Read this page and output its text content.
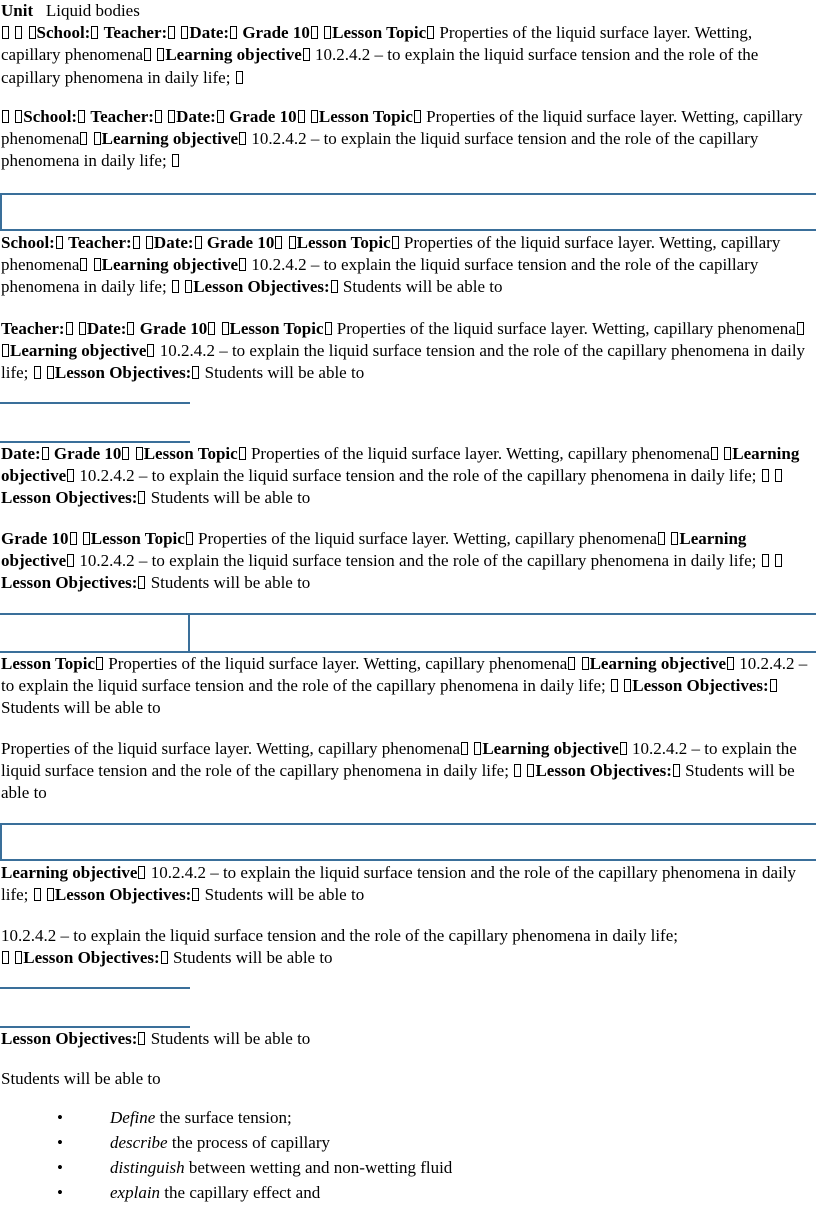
Unit Liquid bodies
School: Teacher: Date: Grade 10 Lesson Topic Properties of the liquid surface layer. Wetting, capillary phenomena Learning objective 10.2.4.2 – to explain the liquid surface tension and the role of the capillary phenomena in daily life;
School: Teacher: Date: Grade 10 Lesson Topic Properties of the liquid surface layer. Wetting, capillary phenomena Learning objective 10.2.4.2 – to explain the liquid surface tension and the role of the capillary phenomena in daily life;
School: Teacher: Date: Grade 10 Lesson Topic Properties of the liquid surface layer. Wetting, capillary phenomena Learning objective 10.2.4.2 – to explain the liquid surface tension and the role of the capillary phenomena in daily life; Lesson Objectives: Students will be able to
Teacher: Date: Grade 10 Lesson Topic Properties of the liquid surface layer. Wetting, capillary phenomena Learning objective 10.2.4.2 – to explain the liquid surface tension and the role of the capillary phenomena in daily life; Lesson Objectives: Students will be able to
Date: Grade 10 Lesson Topic Properties of the liquid surface layer. Wetting, capillary phenomena Learning objective 10.2.4.2 – to explain the liquid surface tension and the role of the capillary phenomena in daily life;  Lesson Objectives: Students will be able to
Grade 10 Lesson Topic Properties of the liquid surface layer. Wetting, capillary phenomena Learning objective 10.2.4.2 – to explain the liquid surface tension and the role of the capillary phenomena in daily life;  Lesson Objectives: Students will be able to
Lesson Topic Properties of the liquid surface layer. Wetting, capillary phenomena Learning objective 10.2.4.2 – to explain the liquid surface tension and the role of the capillary phenomena in daily life; Lesson Objectives: Students will be able to
Properties of the liquid surface layer. Wetting, capillary phenomena Learning objective 10.2.4.2 – to explain the liquid surface tension and the role of the capillary phenomena in daily life; Lesson Objectives: Students will be able to
Learning objective 10.2.4.2 – to explain the liquid surface tension and the role of the capillary phenomena in daily life; Lesson Objectives: Students will be able to
10.2.4.2 – to explain the liquid surface tension and the role of the capillary phenomena in daily life;
Lesson Objectives: Students will be able to
Lesson Objectives: Students will be able to
Students will be able to
•	Define the surface tension;
•	describe the process of capillary
•	distinguish between wetting and non-wetting fluid
•	explain the capillary effect and
